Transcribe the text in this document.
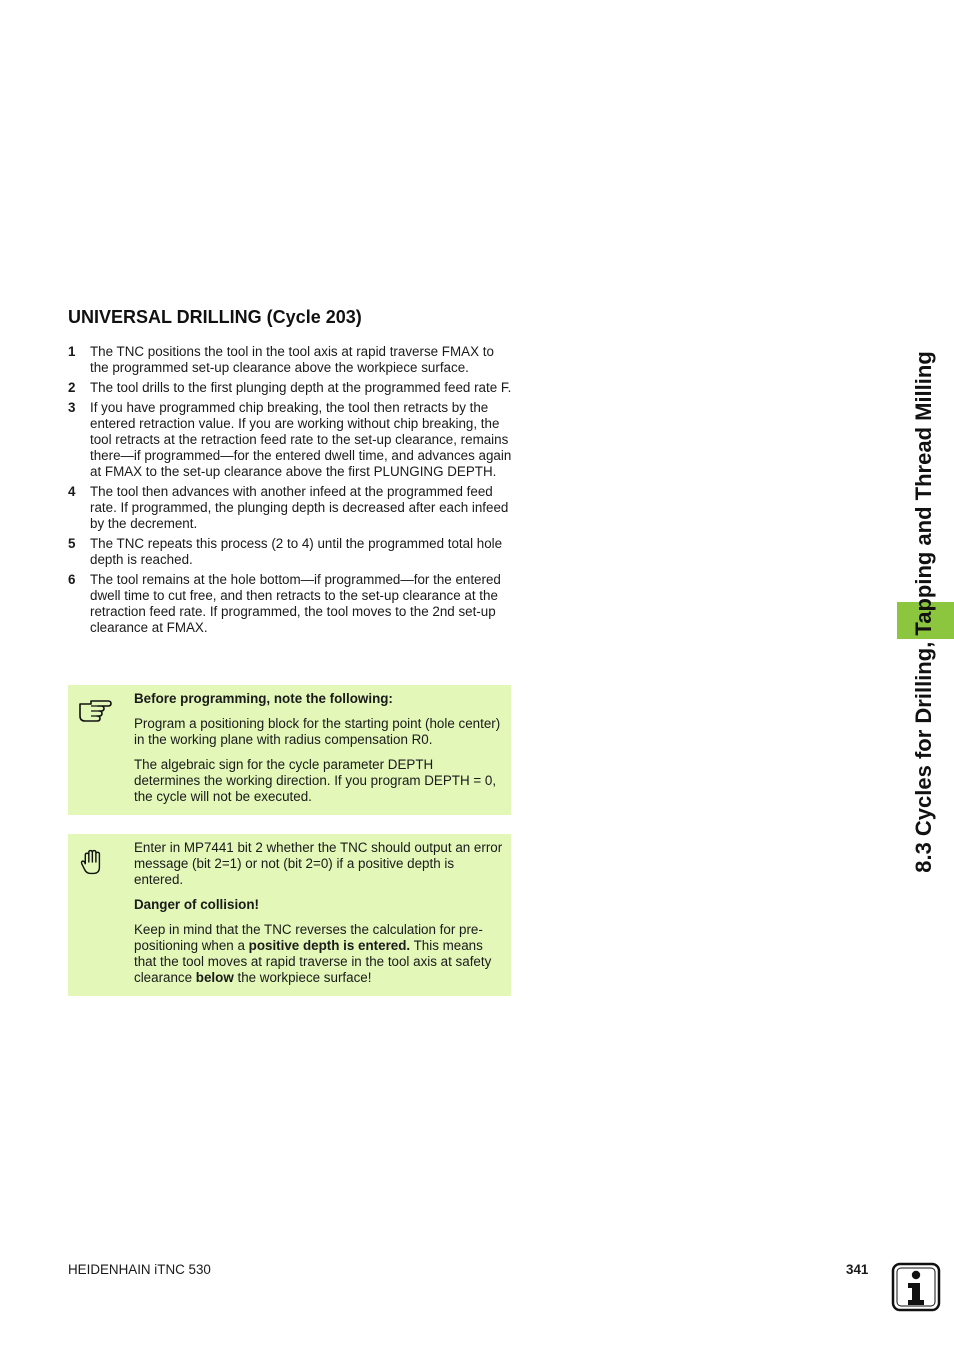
UNIVERSAL DRILLING (Cycle 203)
1 The TNC positions the tool in the tool axis at rapid traverse FMAX to the programmed set-up clearance above the workpiece surface.
2 The tool drills to the first plunging depth at the programmed feed rate F.
3 If you have programmed chip breaking, the tool then retracts by the entered retraction value. If you are working without chip breaking, the tool retracts at the retraction feed rate to the set-up clearance, remains there—if programmed—for the entered dwell time, and advances again at FMAX to the set-up clearance above the first PLUNGING DEPTH.
4 The tool then advances with another infeed at the programmed feed rate. If programmed, the plunging depth is decreased after each infeed by the decrement.
5 The TNC repeats this process (2 to 4) until the programmed total hole depth is reached.
6 The tool remains at the hole bottom—if programmed—for the entered dwell time to cut free, and then retracts to the set-up clearance at the retraction feed rate. If programmed, the tool moves to the 2nd set-up clearance at FMAX.

Before programming, note the following:

Program a positioning block for the starting point (hole center) in the working plane with radius compensation R0.

The algebraic sign for the cycle parameter DEPTH determines the working direction. If you program DEPTH = 0, the cycle will not be executed.

Enter in MP7441 bit 2 whether the TNC should output an error message (bit 2=1) or not (bit 2=0) if a positive depth is entered.

Danger of collision!

Keep in mind that the TNC reverses the calculation for pre-positioning when a positive depth is entered. This means that the tool moves at rapid traverse in the tool axis at safety clearance below the workpiece surface!

8.3 Cycles for Drilling, Tapping and Thread Milling
HEIDENHAIN iTNC 530	341
